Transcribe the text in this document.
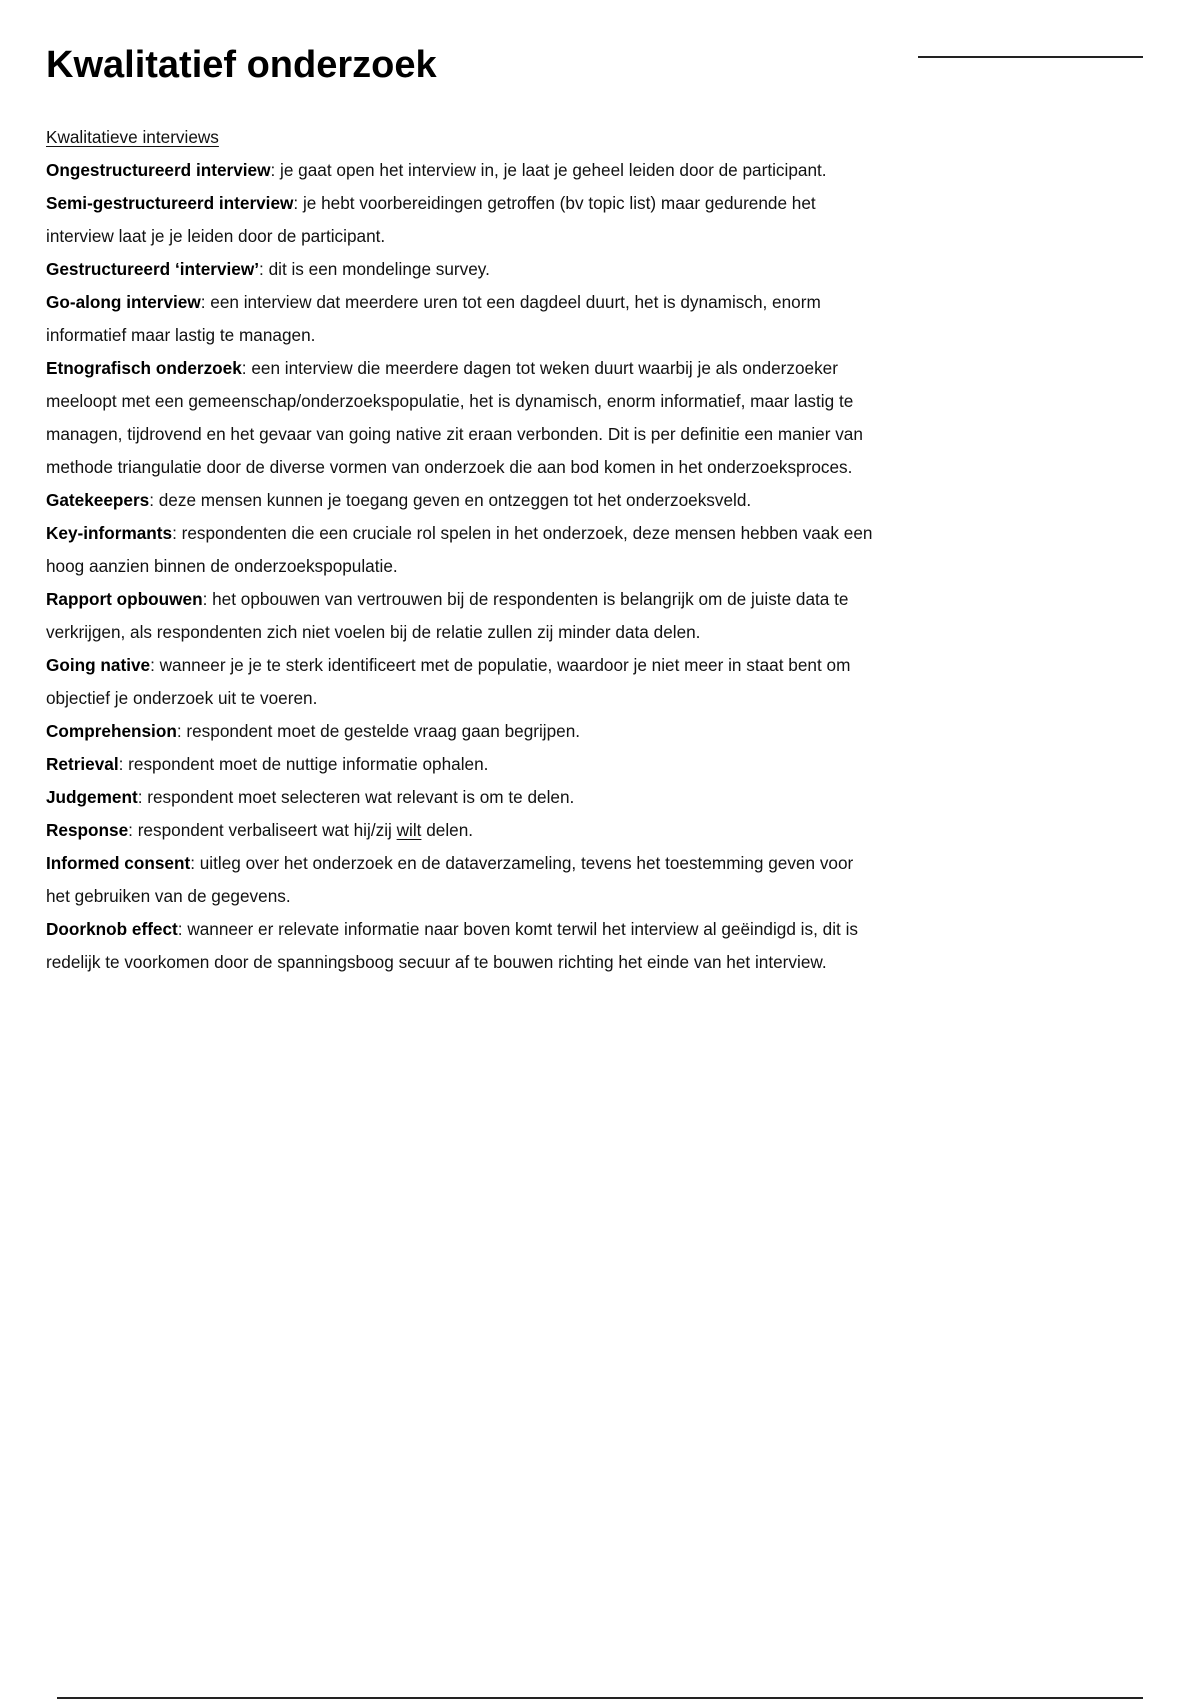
Kwalitatief onderzoek

Kwalitatieve interviews

Ongestructureerd interview: je gaat open het interview in, je laat je geheel leiden door de participant.

Semi-gestructureerd interview: je hebt voorbereidingen getroffen (bv topic list) maar gedurende het interview laat je je leiden door de participant.

Gestructureerd ‘interview’: dit is een mondelinge survey.

Go-along interview: een interview dat meerdere uren tot een dagdeel duurt, het is dynamisch, enorm informatief maar lastig te managen.

Etnografisch onderzoek: een interview die meerdere dagen tot weken duurt waarbij je als onderzoeker meeloopt met een gemeenschap/onderzoekspopulatie, het is dynamisch, enorm informatief, maar lastig te managen, tijdrovend en het gevaar van going native zit eraan verbonden. Dit is per definitie een manier van methode triangulatie door de diverse vormen van onderzoek die aan bod komen in het onderzoeksproces.

Gatekeepers: deze mensen kunnen je toegang geven en ontzeggen tot het onderzoeksveld.

Key-informants: respondenten die een cruciale rol spelen in het onderzoek, deze mensen hebben vaak een hoog aanzien binnen de onderzoekspopulatie.

Rapport opbouwen: het opbouwen van vertrouwen bij de respondenten is belangrijk om de juiste data te verkrijgen, als respondenten zich niet voelen bij de relatie zullen zij minder data delen.

Going native: wanneer je je te sterk identificeert met de populatie, waardoor je niet meer in staat bent om objectief je onderzoek uit te voeren.

Comprehension: respondent moet de gestelde vraag gaan begrijpen.

Retrieval: respondent moet de nuttige informatie ophalen.

Judgement: respondent moet selecteren wat relevant is om te delen.

Response: respondent verbaliseert wat hij/zij wilt delen.

Informed consent: uitleg over het onderzoek en de dataverzameling, tevens het toestemming geven voor het gebruiken van de gegevens.

Doorknob effect: wanneer er relevate informatie naar boven komt terwil het interview al geëindigd is, dit is redelijk te voorkomen door de spanningsboog secuur af te bouwen richting het einde van het interview.
